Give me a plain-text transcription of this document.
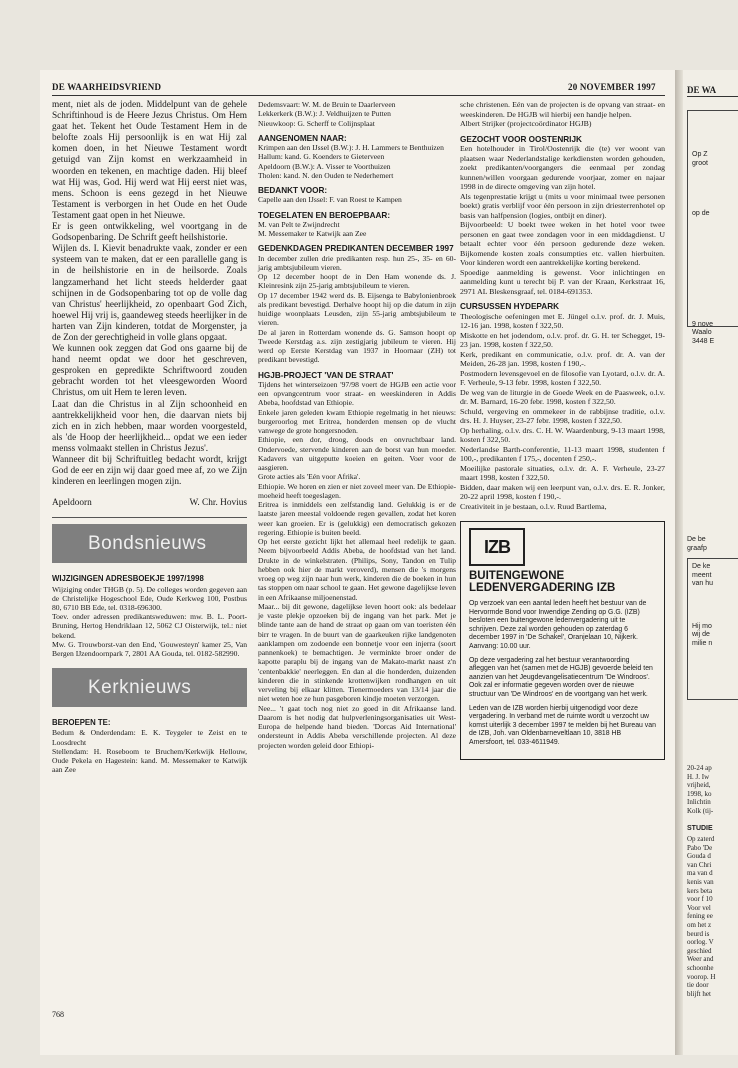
DE WA
Op Z
groot
op de
9 nove
Waalo
3448 E
De be
graafp
De ke
meent
van hu
Hij mo
wij de
milie n
20-24 ap
H. J. Iw
vrijheid,
1998, ko
Inlichtin
Kolk (tij-
STUDIE
Op zaterd
Pabo 'De
Gouda d
van Chri
ma van d
kenis van
kers beta
voor f 10
Voor vel
fening ee
om het z
beurd is
oorlog. V
geschied
Weer and
schoonhe
voorop. H
tie door
blijft het
DE WAARHEIDSVRIEND	20 NOVEMBER 1997

ment, niet als de joden. Middelpunt van de gehele Schriftinhoud is de Heere Jezus Christus. Om Hem gaat het. Tekent het Oude Testament Hem in de belofte zoals Hij persoonlijk is en wat Hij zal komen doen, in het Nieuwe Testament wordt getuigd van Zijn komst en werkzaamheid in woorden en tekenen, en machtige daden. Hij bleef wat Hij was, God. Hij werd wat Hij eerst niet was, mens. Schoon is eens gezegd in het Nieuwe Testament is verborgen in het Oude en het Oude Testament gaat open in het Nieuwe.

Er is geen ontwikkeling, wel voortgang in de Godsopenbaring. De Schrift geeft heilshistorie.

Wijlen ds. I. Kievit benadrukte vaak, zonder er een systeem van te maken, dat er een parallelle gang is in de heilshistorie en in de heilsorde. Zoals langzamerhand het licht steeds helderder gaat schijnen in de Godsopenbaring tot op de volle dag van Christus' heerlijkheid, zo openbaart God Zich, hoewel Hij vrij is, gaandeweg steeds heerlijker in de harten van Zijn kinderen, totdat de Morgenster, ja de Zon der gerechtigheid in volle glans opgaat.

We kunnen ook zeggen dat God ons gaarne bij de hand neemt opdat we door het geschreven, gesproken en gepredikte Schriftwoord zouden gebracht worden tot het vleesgeworden Woord Christus, om uit Hem te leren leven.

Laat dan die Christus in al Zijn schoonheid en aantrekkelijkheid voor hen, die daarvan niets bij zich en in zich hebben, maar worden voorgesteld, als 'de Hoop der heerlijkheid... opdat we een ieder menss volmaakt stellen in Christus Jezus'.

Wanneer dit bij Schriftuitleg bedacht wordt, krijgt God de eer en zijn wij daar goed mee af, zo we Zijn kinderen en leerlingen mogen zijn.

Apeldoorn	W. Chr. Hovius
Bondsnieuws
WIJZIGINGEN ADRESBOEKJE 1997/1998

Wijziging onder THGB (p. 5). De colleges worden gegeven aan de Christelijke Hogeschool Ede, Oude Kerkweg 100, Postbus 80, 6710 BB Ede, tel. 0318-696300.

Toev. onder adressen predikantsweduwen: mw. B. L. Poort-Bruning, Hertog Hendriklaan 12, 5062 CJ Oisterwijk, tel.: niet bekend.

Mw. G. Trouwborst-van den End, 'Gouwesteyn' kamer 25, Van Bergen IJzendoornpark 7, 2801 AA Gouda, tel. 0182-582990.

Kerknieuws
BEROEPEN TE:

Bedum & Onderdendam: E. K. Teygeler te Zeist en te Loosdrecht
Stellendam: H. Roseboom te Bruchem/Kerkwijk Hellouw, Oude Pekela en Hagestein: kand. M. Messemaker te Katwijk aan Zee

Dedemsvaart: W. M. de Bruin te Daarlerveen
Lekkerkerk (B.W.): J. Veldhuijzen te Putten
Nieuwkoop: G. Scherff te Colijnsplaat

AANGENOMEN NAAR:

Krimpen aan den IJssel (B.W.): J. H. Lammers te Benthuizen
Hallum: kand. G. Koenders te Gieterveen
Apeldoorn (B.W.): A. Visser te Voorthuizen
Tholen: kand. N. den Ouden te Nederhemert

BEDANKT VOOR:

Capelle aan den IJssel: F. van Roest te Kampen

TOEGELATEN EN BEROEPBAAR:

M. van Pelt te Zwijndrecht
M. Messemaker te Katwijk aan Zee

GEDENKDAGEN PREDIKANTEN DECEMBER 1997

In december zullen drie predikanten resp. hun 25-, 35- en 60-jarig ambtsjubileum vieren.
Op 12 december hoopt de in Den Ham wonende ds. J. Kleinresink zijn 25-jarig ambtsjubileum te vieren.
Op 17 december 1942 werd ds. B. Eijsenga te Babylonienbroek als predikant bevestigd. Derhalve hoopt hij op die datum in zijn huidige woonplaats Leusden, zijn 55-jarig ambtsjubileum te vieren.
De al jaren in Rotterdam wonende ds. G. Samson hoopt op Tweede Kerstdag a.s. zijn zestigjarig jubileum te vieren. Hij werd op Eerste Kerstdag van 1937 in Hoornaar (ZH) tot predikant bevestigd.

HGJB-PROJECT 'VAN DE STRAAT'

Tijdens het winterseizoen '97/98 voert de HGJB een actie voor een opvangcentrum voor straat- en weeskinderen in Addis Abeba, hoofdstad van Ethiopie.
Enkele jaren geleden kwam Ethiopie regelmatig in het nieuws: burgeroorlog met Eritrea, honderden mensen op de vlucht vanwege de grote hongersnoden.
Ethiopie, een dor, droog, doods en onvruchtbaar land. Ondervoede, stervende kinderen aan de borst van hun moeder. Kadavers van uitgeputte koeien en geiten. Voer voor de aasgieren.
Grote acties als 'Eén voor Afrika'.
Ethiopie. We horen en zien er niet zoveel meer van. De Ethiopie-moeheid heeft toegeslagen.
Eritrea is inmiddels een zelfstandig land. Gelukkig is er de laatste jaren meestal voldoende regen gevallen, zodat het koren weer kan groeien. Er is (gelukkig) een democratisch gekozen regering. Ethiopie is buiten beeld.
Op het eerste gezicht lijkt het allemaal heel redelijk te gaan. Neem bijvoorbeeld Addis Abeba, de hoofdstad van het land. Drukte in de winkelstraten. (Philips, Sony, Tandon en Tulip hebben ook hier de markt veroverd), mensen die 's morgens vroeg op weg zijn naar hun werk, kinderen die de boeken in hun tas stoppen om naar school te gaan. Het gewone dagelijkse leven in een Afrikaanse miljoenenstad.
Maar... bij dit gewone, dagelijkse leven hoort ook: als bedelaar je vaste plekje opzoeken bij de ingang van het park. Met je blinde tante aan de hand de straat op gaan om van toeristen één birr te vragen. In de buurt van de gaarkeuken rijke landgenoten aanklampen om zodoende een bonnetje voor een injerra (soort pannenkoek) te bemachtigen. Je verminkte broer onder de kapotte paraplu bij de ingang van de Makato-markt naast z'n 'centenbakkie' neerleggen. En dan al die honderden, duizenden kinderen die in stinkende krottenwijken rondhangen en uit verveling bij elkaar klitten. Tienermoeders van 13/14 jaar die niet weten hoe ze hun pasgeboren kindje moeten verzorgen.
Nee... 't gaat toch nog niet zo goed in dit Afrikaanse land. Daarom is het nodig dat hulpverleningsorganisaties uit West-Europa de helpende hand bieden. 'Dorcas Aid International' ondersteunt in Addis Abeba verschillende projecten. Al deze projecten worden geleid door Ethiopi-

sche christenen. Eén van de projecten is de opvang van straat- en weeskinderen. De HGJB wil hierbij een handje helpen.
Albert Strijker (projectcoördinator HGJB)

GEZOCHT VOOR OOSTENRIJK

Een hotelhouder in Tirol/Oostenrijk die (te) ver woont van plaatsen waar Nederlandstalige kerkdiensten worden gehouden, zoekt predikanten/voorgangers die eenmaal per zondag kunnen/willen voorgaan gedurende voorjaar, zomer en najaar 1998 in de directe omgeving van zijn hotel.
Als tegenprestatie krijgt u (mits u voor minimaal twee personen boekt) gratis verblijf voor één persoon in zijn driesterrenhotel op basis van halfpension (logies, ontbijt en diner).
Bijvoorbeeld: U boekt twee weken in het hotel voor twee personen en gaat twee zondagen voor in een middagdienst. U betaalt echter voor één persoon gedurende deze weken. Bijkomende kosten zoals consumpties etc. vallen hierbuiten. Voor kinderen wordt een aantrekkelijke korting berekend.
Spoedige aanmelding is gewenst. Voor inlichtingen en aanmelding kunt u terecht bij P. van der Kraan, Kerkstraat 16, 2971 AL Bleskensgraaf, tel. 0184-691353.

CURSUSSEN HYDEPARK

Theologische oefeningen met E. Jüngel o.l.v. prof. dr. J. Muis, 12-16 jan. 1998, kosten f 322,50.
Miskotte en het jodendom, o.l.v. prof. dr. G. H. ter Schegget, 19-23 jan. 1998, kosten f 322,50.
Kerk, predikant en communicatie, o.l.v. prof. dr. A. van der Meiden, 26-28 jan. 1998, kosten f 190,-.
Postmodern levensgevoel en de filosofie van Lyotard, o.l.v. dr. A. F. Verheule, 9-13 febr. 1998, kosten f 322,50.
De weg van de liturgie in de Goede Week en de Paasweek, o.l.v. dr. M. Barnard, 16-20 febr. 1998, kosten f 322,50.
Schuld, vergeving en ommekeer in de rabbijnse traditie, o.l.v. drs. H. J. Huyser, 23-27 febr. 1998, kosten f 322,50.
Op herhaling, o.l.v. drs. C. H. W. Waardenburg, 9-13 maart 1998, kosten f 322,50.
Nederlandse Barth-conferentie, 11-13 maart 1998, studenten f 100,-, predikanten f 175,-, docenten f 250,-.
Moeilijke pastorale situaties, o.l.v. dr. A. F. Verheule, 23-27 maart 1998, kosten f 322,50.
Bidden, daar maken wij een leerpunt van, o.l.v. drs. E. R. Jonker, 20-22 april 1998, kosten f 190,-.
Creativiteit in je bestaan, o.l.v. Ruud Bartlema,

IZB
BUITENGEWONE LEDENVERGADERING IZB

Op verzoek van een aantal leden heeft het bestuur van de Hervormde Bond voor Inwendige Zending op G.G. (IZB) besloten een buitengewone ledenvergadering uit te schrijven. Deze zal worden gehouden op zaterdag 6 december 1997 in 'De Schakel', Oranjelaan 10, Nijkerk. Aanvang: 10.00 uur.

Op deze vergadering zal het bestuur verantwoording afleggen van het (samen met de HGJB) gevoerde beleid ten aanzien van het Jeugdevangelisatiecentrum 'De Windroos'. Ook zal er informatie gegeven worden over de nieuwe structuur van 'De Windroos' en de voortgang van het werk.

Leden van de IZB worden hierbij uitgenodigd voor deze vergadering. In verband met de ruimte wordt u verzocht uw komst uiterlijk 3 december 1997 te melden bij het Bureau van de IZB, Joh. van Oldenbarneveltlaan 10, 3818 HB Amersfoort, tel. 033-4611949.

768
